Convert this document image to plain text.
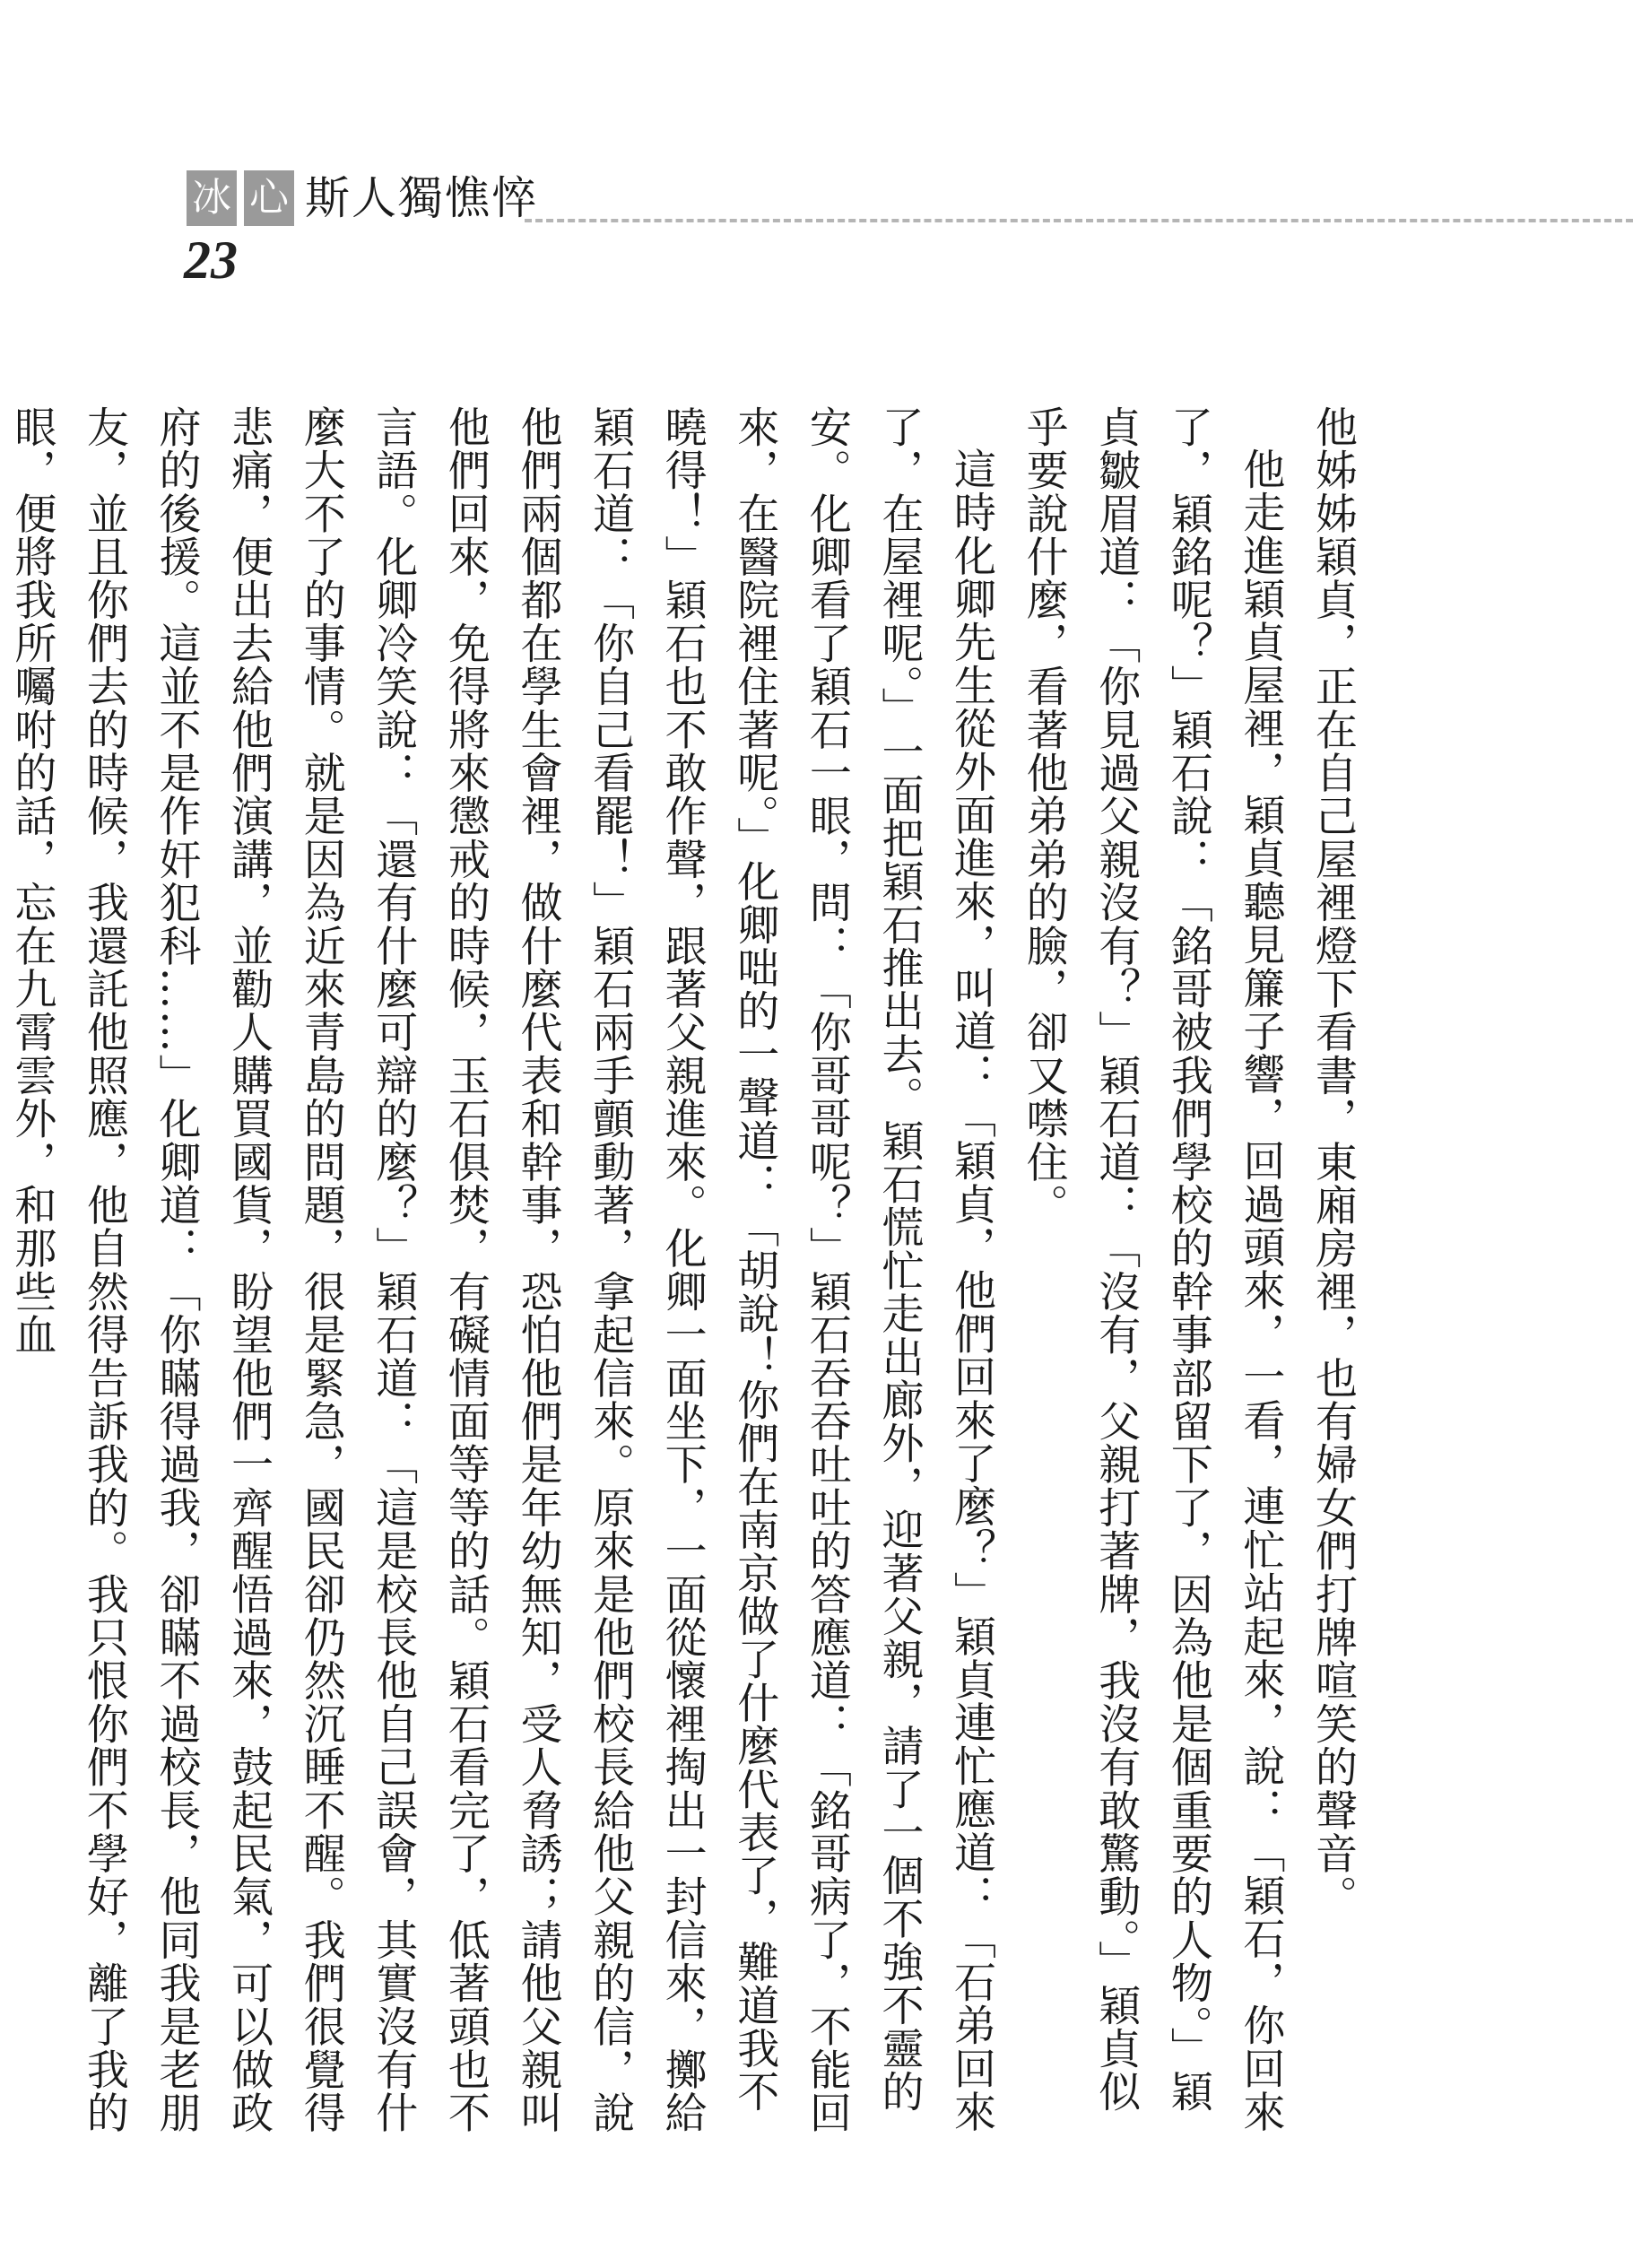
冰 心 斯人獨憔悴
23
他姊姊穎貞，正在自己屋裡燈下看書，東廂房裡，也有婦女們打牌喧笑的聲音。
他走進穎貞屋裡，穎貞聽見簾子響，回過頭來，一看，連忙站起來，說：「穎石，你回來了，穎銘呢？」穎石說：「銘哥被我們學校的幹事部留下了，因為他是個重要的人物。」穎貞皺眉道：「你見過父親沒有？」穎石道：「沒有，父親打著牌，我沒有敢驚動。」穎貞似乎要說什麼，看著他弟弟的臉，卻又噤住。
這時化卿先生從外面進來，叫道：「穎貞，他們回來了麼？」穎貞連忙應道：「石弟回來了，在屋裡呢。」一面把穎石推出去。穎石慌忙走出廊外，迎著父親，請了一個不強不靈的安。化卿看了穎石一眼，問：「你哥哥呢？」穎石吞吞吐吐的答應道：「銘哥病了，不能回來，在醫院裡住著呢。」化卿咄的一聲道：「胡說！你們在南京做了什麼代表了，難道我不曉得！」穎石也不敢作聲，跟著父親進來。化卿一面坐下，一面從懷裡掏出一封信來，擲給穎石道：「你自己看罷！」穎石兩手顫動著，拿起信來。原來是他們校長給他父親的信，說他們兩個都在學生會裡，做什麼代表和幹事，恐怕他們是年幼無知，受人脅誘；請他父親叫他們回來，免得將來懲戒的時候，玉石俱焚，有礙情面等等的話。穎石看完了，低著頭也不言語。化卿冷笑說：「還有什麼可辯的麼？」穎石道：「這是校長他自己誤會，其實沒有什麼大不了的事情。就是因為近來青島的問題，很是緊急，國民卻仍然沉睡不醒。我們很覺得悲痛，便出去給他們演講，並勸人購買國貨，盼望他們一齊醒悟過來，鼓起民氣，可以做政府的後援。這並不是作奸犯科……」化卿道：「你瞞得過我，卻瞞不過校長，他同我是老朋友，並且你們去的時候，我還託他照應，他自然得告訴我的。我只恨你們不學好，離了我的眼，便將我所囑咐的話，忘在九霄雲外，和那些血
